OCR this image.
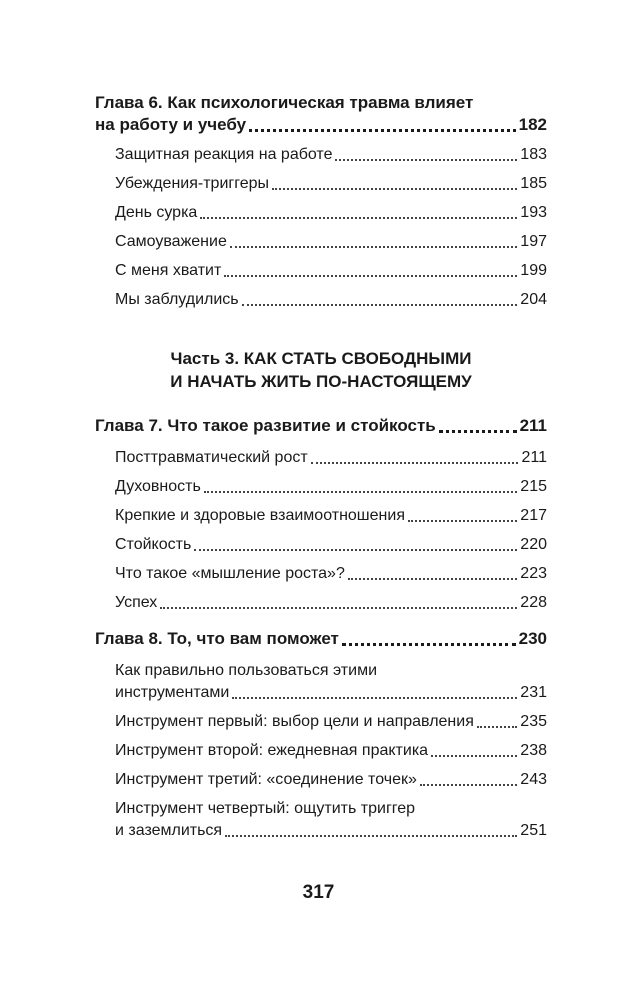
Глава 6. Как психологическая травма влияет
на работу и учебу	182
Защитная реакция на работе	183
Убеждения-триггеры	185
День сурка	193
Самоуважение	197
С меня хватит	199
Мы заблудились	204

Часть 3. КАК СТАТЬ СВОБОДНЫМИ

И НАЧАТЬ ЖИТЬ ПО-НАСТОЯЩЕМУ

Глава 7. Что такое развитие и стойкость	211
Посттравматический рост	211
Духовность	215
Крепкие и здоровые взаимоотношения	217
Стойкость	220
Что такое «мышление роста»?	223
Успех	228
Глава 8. То, что вам поможет	230
Как правильно пользоваться этими
инструментами	231
Инструмент первый: выбор цели и направления	235
Инструмент второй: ежедневная практика	238
Инструмент третий: «соединение точек»	243
Инструмент четвертый: ощутить триггер
и заземлиться	251
317
